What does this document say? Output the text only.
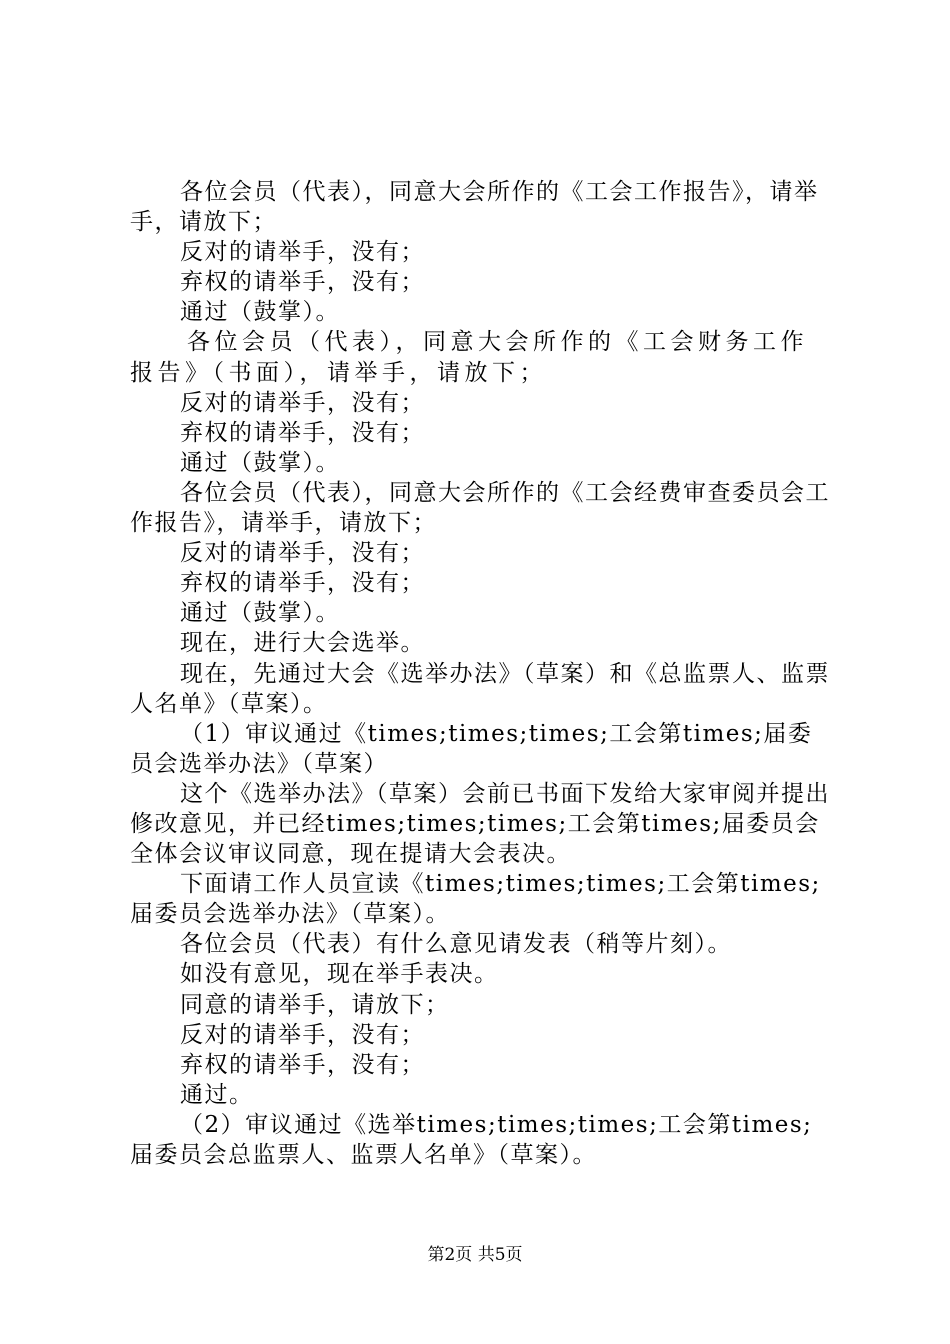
各位会员（代表），同意大会所作的《工会工作报告》，请举手，请放下；

反对的请举手，没有；

弃权的请举手，没有；

通过（鼓掌）。

各位会员（代表），同意大会所作的《工会财务工作报告》（书面），请举手，请放下；

反对的请举手，没有；

弃权的请举手，没有；

通过（鼓掌）。

各位会员（代表），同意大会所作的《工会经费审查委员会工作报告》，请举手，请放下；

反对的请举手，没有；

弃权的请举手，没有；

通过（鼓掌）。

现在，进行大会选举。

现在，先通过大会《选举办法》（草案）和《总监票人、监票人名单》（草案）。

（1）审议通过《times;times;times;工会第times;届委员会选举办法》（草案）

这个《选举办法》（草案）会前已书面下发给大家审阅并提出修改意见，并已经times;times;times;工会第times;届委员会全体会议审议同意，现在提请大会表决。

下面请工作人员宣读《times;times;times;工会第times;届委员会选举办法》（草案）。

各位会员（代表）有什么意见请发表（稍等片刻）。

如没有意见，现在举手表决。

同意的请举手，请放下；

反对的请举手，没有；

弃权的请举手，没有；

通过。

（2）审议通过《选举times;times;times;工会第times;届委员会总监票人、监票人名单》（草案）。

第2页 共5页
